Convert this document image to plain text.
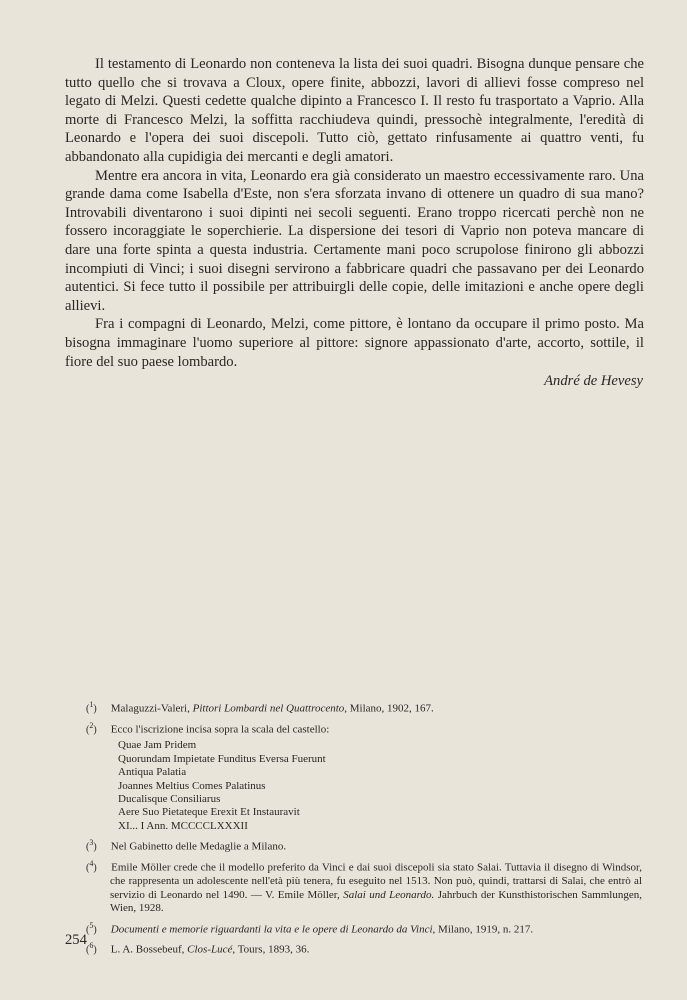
Il testamento di Leonardo non conteneva la lista dei suoi quadri. Bisogna dunque pensare che tutto quello che si trovava a Cloux, opere finite, abbozzi, lavori di allievi fosse compreso nel legato di Melzi. Questi cedette qualche dipinto a Francesco I. Il resto fu trasportato a Vaprio. Alla morte di Francesco Melzi, la soffitta racchiudeva quindi, pressochè integralmente, l'eredità di Leonardo e l'opera dei suoi discepoli. Tutto ciò, gettato rinfusamente ai quattro venti, fu abbandonato alla cupidigia dei mercanti e degli amatori.

Mentre era ancora in vita, Leonardo era già considerato un maestro eccessivamente raro. Una grande dama come Isabella d'Este, non s'era sforzata invano di ottenere un quadro di sua mano? Introvabili diventarono i suoi dipinti nei secoli seguenti. Erano troppo ricercati perchè non ne fossero incoraggiate le soperchierie. La dispersione dei tesori di Vaprio non poteva mancare di dare una forte spinta a questa industria. Certamente mani poco scrupolose finirono gli abbozzi incompiuti di Vinci; i suoi disegni servirono a fabbricare quadri che passavano per dei Leonardo autentici. Si fece tutto il possibile per attribuirgli delle copie, delle imitazioni e anche opere degli allievi.

Fra i compagni di Leonardo, Melzi, come pittore, è lontano da occupare il primo posto. Ma bisogna immaginare l'uomo superiore al pittore: signore appassionato d'arte, accorto, sottile, il fiore del suo paese lombardo.

André de Hevesy
($^1$) Malaguzzi-Valeri, Pittori Lombardi nel Quattrocento, Milano, 1902, 167.
($^2$) Ecco l'iscrizione incisa sopra la scala del castello:
Quae Jam Pridem
Quorundam Impietate Funditus Eversa Fuerunt
Antiqua Palatia
Joannes Meltius Comes Palatinus
Ducalisque Consiliarus
Aere Suo Pietateque Erexit Et Instauravit
XI... I Ann. MCCCCLXXXII
($^3$) Nel Gabinetto delle Medaglie a Milano.
($^4$) Emile Möller crede che il modello preferito da Vinci e dai suoi discepoli sia stato Salai. Tuttavia il disegno di Windsor, che rappresenta un adolescente nell'età più tenera, fu eseguito nel 1513. Non può, quindi, trattarsi di Salai, che entrò al servizio di Leonardo nel 1490. — V. Emile Möller, Salai und Leonardo. Jahrbuch der Kunsthistorischen Sammlungen, Wien, 1928.
($^5$) Documenti e memorie riguardanti la vita e le opere di Leonardo da Vinci, Milano, 1919, n. 217.
($^6$) L. A. Bossebeuf, Clos-Lucé, Tours, 1893, 36.
254
